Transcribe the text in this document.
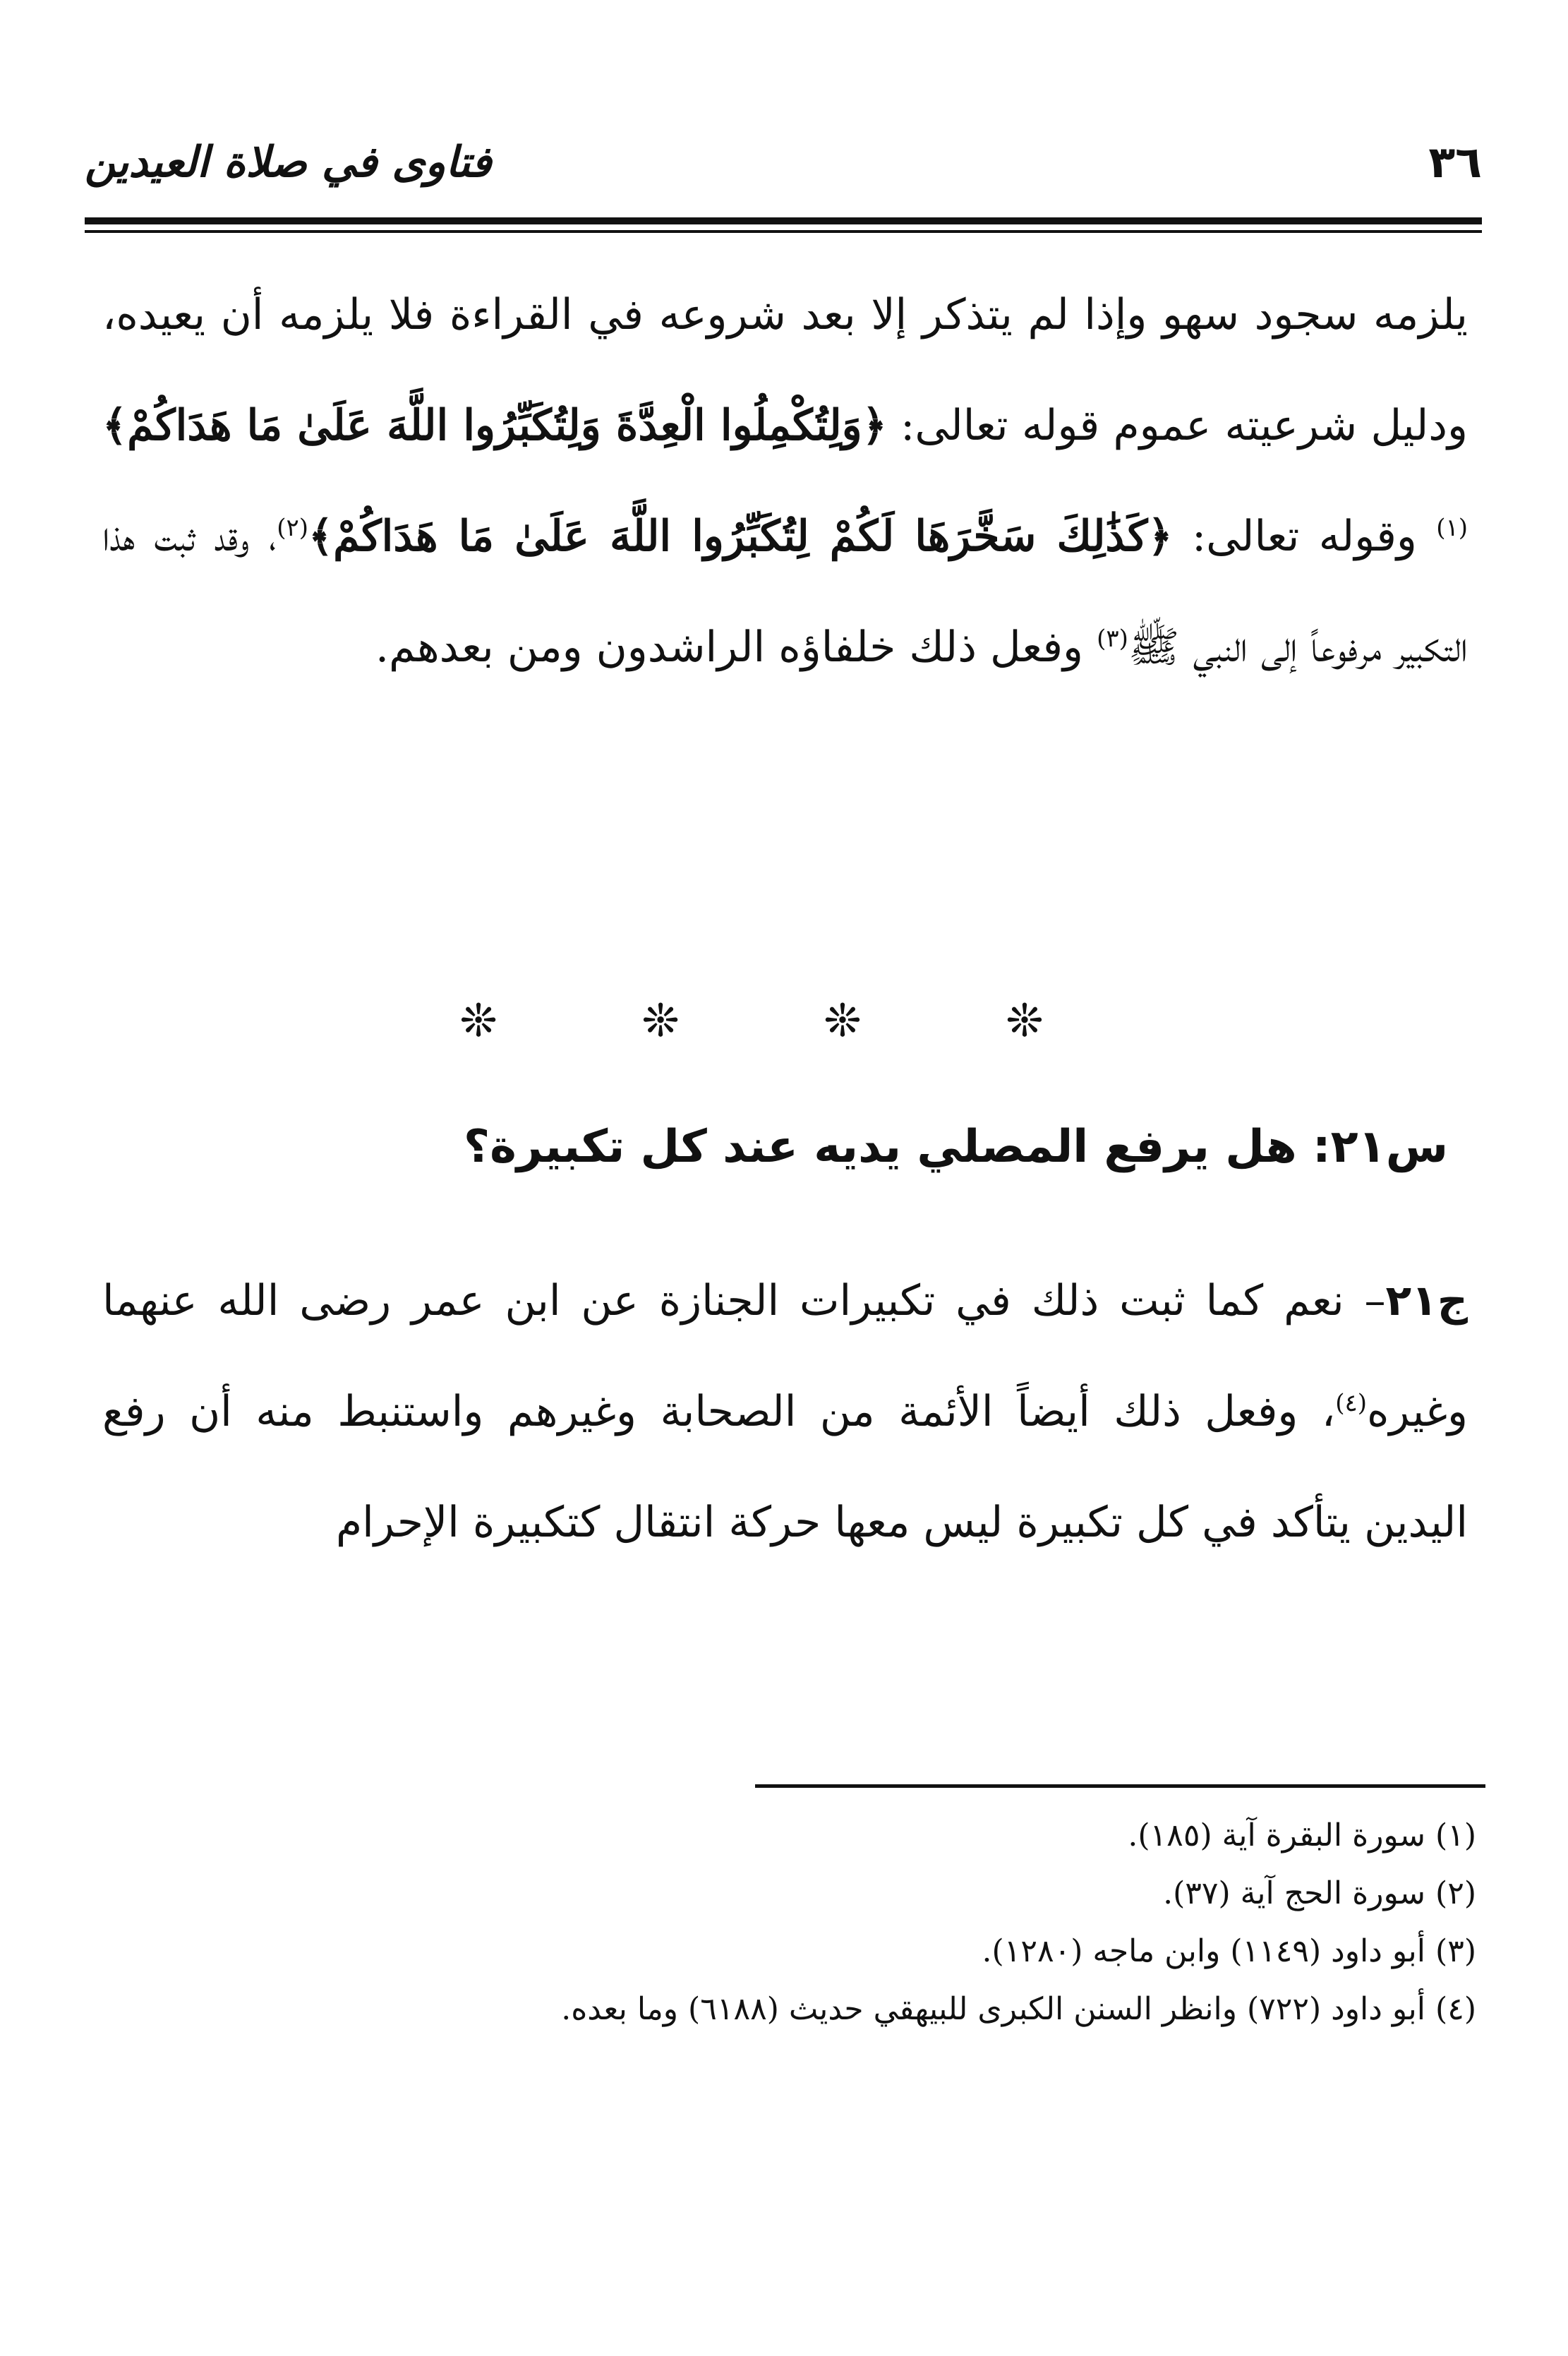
٣٦
فتاوى في صلاة العيدين

يلزمه سجود سهو وإذا لم يتذكر إلا بعد شروعه في القراءة فلا يلزمه أن يعيده، ودليل شرعيته عموم قوله تعالى: ﴿وَلِتُكْمِلُوا الْعِدَّةَ وَلِتُكَبِّرُوا اللَّهَ عَلَىٰ مَا هَدَاكُمْ﴾$^{(١)}$ وقوله تعالى: ﴿كَذَٰلِكَ سَخَّرَهَا لَكُمْ لِتُكَبِّرُوا اللَّهَ عَلَىٰ مَا هَدَاكُمْ﴾$^{(٢)}$، وقد ثبت هذا التكبير مرفوعاً إلى النبي ﷺ$^{(٣)}$ وفعل ذلك خلفاؤه الراشدون ومن بعدهم.

❊ ❊ ❊ ❊
س٢١: هل يرفع المصلي يديه عند كل تكبيرة؟

ج٢١– نعم كما ثبت ذلك في تكبيرات الجنازة عن ابن عمر رضى الله عنهما وغيره$^{(٤)}$، وفعل ذلك أيضاً الأئمة من الصحابة وغيرهم واستنبط منه أن رفع اليدين يتأكد في كل تكبيرة ليس معها حركة انتقال كتكبيرة الإحرام

(١) سورة البقرة آية (١٨٥).
(٢) سورة الحج آية (٣٧).
(٣) أبو داود (١١٤٩) وابن ماجه (١٢٨٠).
(٤) أبو داود (٧٢٢) وانظر السنن الكبرى للبيهقي حديث (٦١٨٨) وما بعده.
